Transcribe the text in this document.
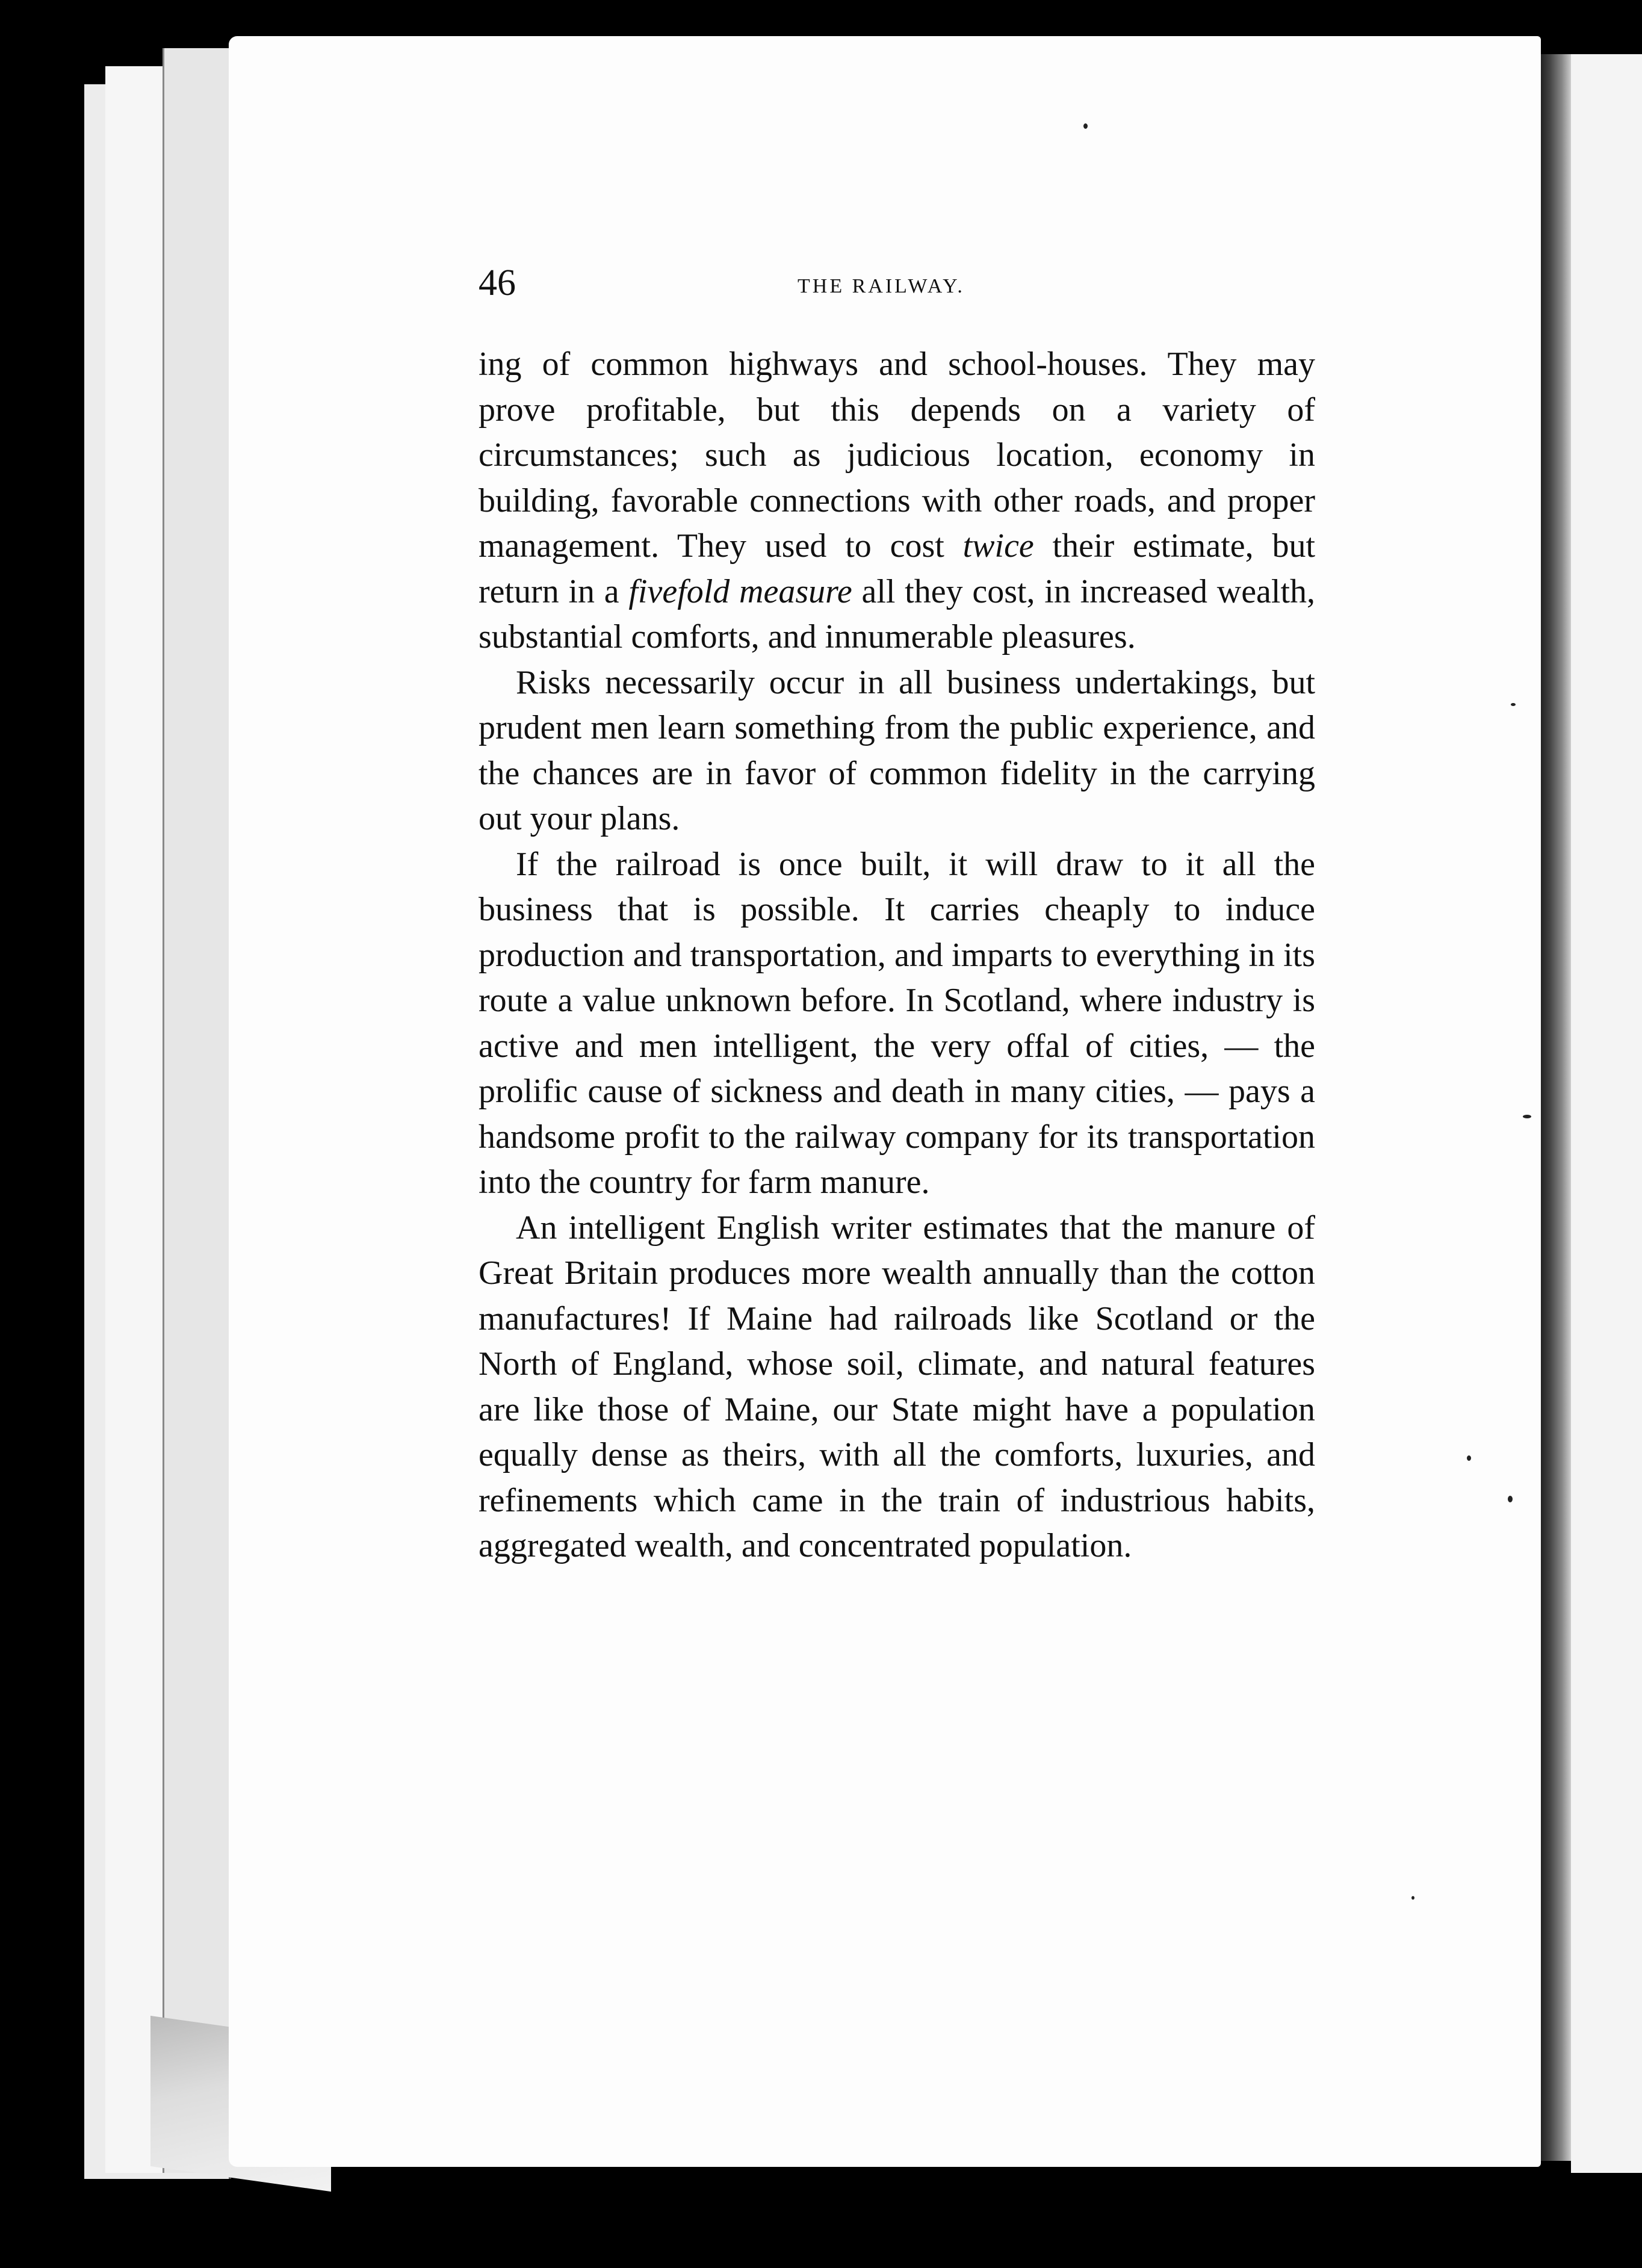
46	THE RAILWAY.

ing of common highways and school-houses. They may prove profitable, but this depends on a variety of circumstances; such as judicious location, economy in building, favorable connections with other roads, and proper management. They used to cost twice their estimate, but return in a fivefold measure all they cost, in increased wealth, substantial comforts, and innumerable pleasures.

Risks necessarily occur in all business undertakings, but prudent men learn something from the public experience, and the chances are in favor of common fidelity in the carrying out your plans.

If the railroad is once built, it will draw to it all the business that is possible. It carries cheaply to induce production and transportation, and imparts to everything in its route a value unknown before. In Scotland, where industry is active and men intelligent, the very offal of cities, — the prolific cause of sickness and death in many cities, — pays a handsome profit to the railway company for its transportation into the country for farm manure.

An intelligent English writer estimates that the manure of Great Britain produces more wealth annually than the cotton manufactures! If Maine had railroads like Scotland or the North of England, whose soil, climate, and natural features are like those of Maine, our State might have a population equally dense as theirs, with all the comforts, luxuries, and refinements which came in the train of industrious habits, aggregated wealth, and concentrated population.
